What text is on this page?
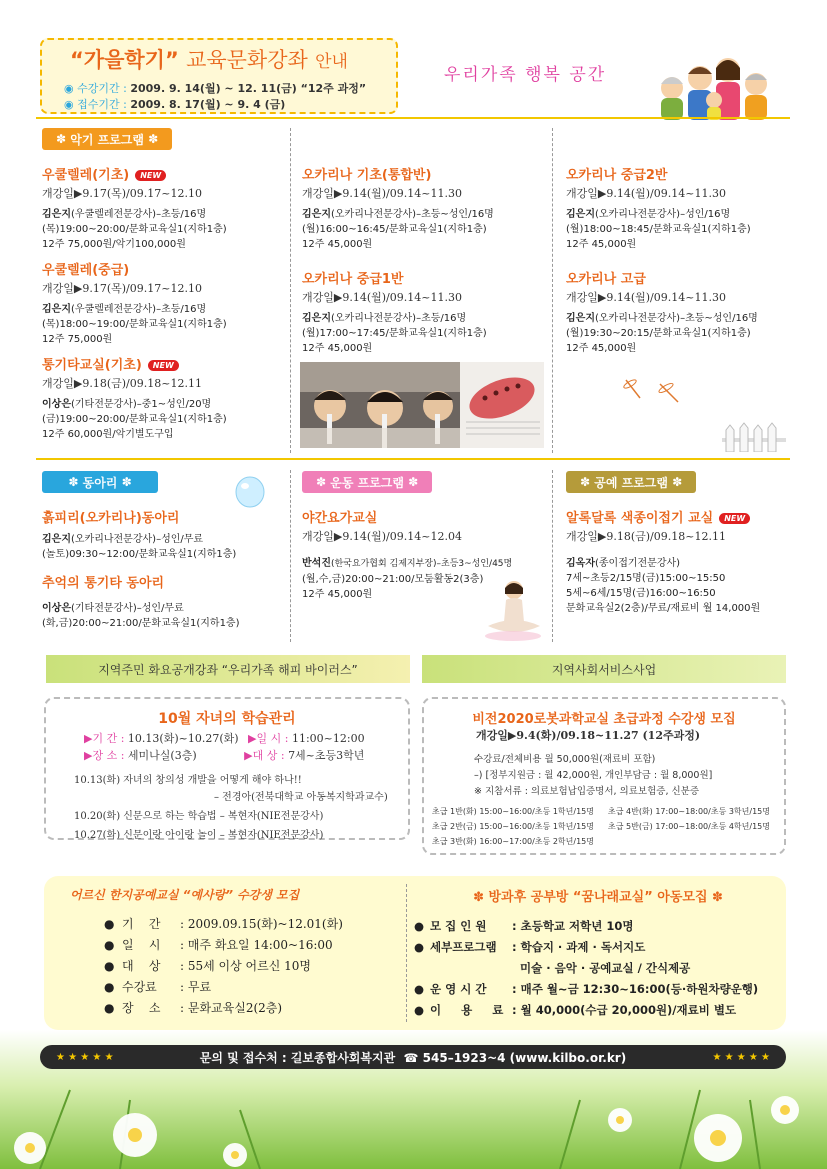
“가을학기” 교육문화강좌 안내
◉ 수강기간 : 2009. 9. 14(월) ~ 12. 11(금) “12주 과정”
◉ 접수기간 : 2009. 8. 17(월) ~ 9. 4 (금)
우리가족 행복 공간
✽ 악기 프로그램 ✽
우쿨렐레(기초) NEW
개강일▶9.17(목)/09.17~12.10
김은지(우쿨렐레전문강사)–초등/16명
(목)19:00~20:00/문화교육실1(지하1층)
12주 75,000원/악기100,000원
우쿨렐레(중급)
개강일▶9.17(목)/09.17~12.10
김은지(우쿨렐레전문강사)–초등/16명
(목)18:00~19:00/문화교육실1(지하1층)
12주 75,000원
통기타교실(기초) NEW
개강일▶9.18(금)/09.18~12.11
이상은(기타전문강사)–중1~성인/20명
(금)19:00~20:00/문화교육실1(지하1층)
12주 60,000원/악기별도구입
오카리나 기초(통합반)
개강일▶9.14(월)/09.14~11.30
김은지(오카리나전문강사)–초등~성인/16명
(월)16:00~16:45/문화교육실1(지하1층)
12주 45,000원
오카리나 중급1반
개강일▶9.14(월)/09.14~11.30
김은지(오카리나전문강사)–초등/16명
(월)17:00~17:45/문화교육실1(지하1층)
12주 45,000원
오카리나 중급2반
개강일▶9.14(월)/09.14~11.30
김은지(오카리나전문강사)–성인/16명
(월)18:00~18:45/문화교육실1(지하1층)
12주 45,000원
오카리나 고급
개강일▶9.14(월)/09.14~11.30
김은지(오카리나전문강사)–초등~성인/16명
(월)19:30~20:15/문화교육실1(지하1층)
12주 45,000원
✽ 동아리 ✽
흙피리(오카리나)동아리
김은지(오카리나전문강사)–성인/무료
(놀토)09:30~12:00/문화교육실1(지하1층)
추억의 통기타 동아리
이상은(기타전문강사)–성인/무료
(화,금)20:00~21:00/문화교육실1(지하1층)
✽ 운동 프로그램 ✽
야간요가교실
개강일▶9.14(월)/09.14~12.04
반석진(한국요가협회 김제지부장)–초등3~성인/45명
(월,수,금)20:00~21:00/모둠활동2(3층)
12주 45,000원
✽ 공예 프로그램 ✽
알록달록 색종이접기 교실 NEW
개강일▶9.18(금)/09.18~12.11
김옥자(종이접기전문강사)
7세~초등2/15명(금)15:00~15:50
5세~6세/15명(금)16:00~16:50
문화교육실2(2층)/무료/재료비 월 14,000원
지역주민 화요공개강좌 “우리가족 해피 바이러스”	지역사회서비스사업
10월 자녀의 학습관리
▶기 간 : 10.13(화)~10.27(화) ▶일 시 : 11:00~12:00
▶장 소 : 세미나실(3층)	▶대 상 : 7세~초등3학년
10.13(화) 자녀의 창의성 개발을 어떻게 해야 하나!!
– 전경아(전북대학교 아동복지학과교수)
10.20(화) 신문으로 하는 학습법 – 복현자(NIE전문강사)
10.27(화) 신문이랑 아이랑 놀이 – 복현자(NIE전문강사)
비전2020로봇과학교실 초급과정 수강생 모집
개강일▶9.4(화)/09.18~11.27 (12주과정)
수강료/전체비용 월 50,000원(재료비 포함)
–) [정부지원금 : 월 42,000원, 개인부담금 : 월 8,000원]
※ 지참서류 : 의료보험납입증명서, 의료보험증, 신분증
초급 1반(화) 15:00~16:00/초등 1학년/15명 초급 4반(화) 17:00~18:00/초등 3학년/15명
초급 2반(금) 15:00~16:00/초등 1학년/15명 초급 5반(금) 17:00~18:00/초등 4학년/15명
초급 3반(화) 16:00~17:00/초등 2학년/15명
어르신 한지공예교실 “예사랑” 수강생 모집
● 기    간	: 2009.09.15(화)~12.01(화)
● 일    시	: 매주 화요일 14:00~16:00
● 대    상	: 55세 이상 어르신 10명
● 수강료	: 무료
● 장    소	: 문화교육실2(2층)
✽ 방과후 공부방 “꿈나래교실” 아동모집 ✽
● 모 집 인 원	: 초등학교 저학년 10명
● 세부프로그램	: 학습지 · 과제 · 독서지도
미술 · 음악 · 공예교실 / 간식제공
● 운 영 시 간	: 매주 월~금 12:30~16:00(등·하원차량운행)
● 이     용     료 : 월 40,000(수급 20,000원)/재료비 별도
★ ★ ★ ★ ★	문의 및 접수처 : 길보종합사회복지관 ☎ 545–1923~4 (www.kilbo.or.kr)	★ ★ ★ ★ ★
